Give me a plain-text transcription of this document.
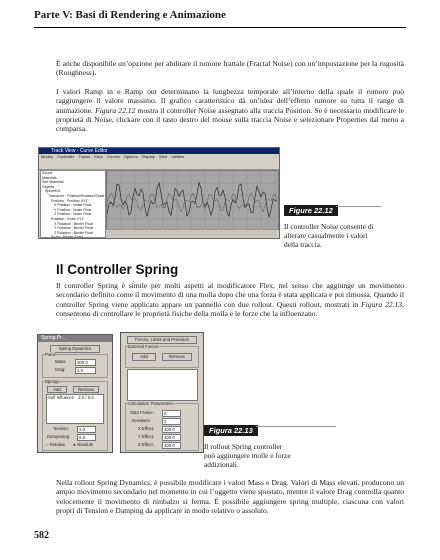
Parte V: Basi di Rendering e Animazione
È anche disponibile un’opzione per abilitare il rumore frattale (Fractal Noise) con un’impostazione per la rugosità (Roughness).
I valori Ramp in e Ramp out determinano la lunghezza temporale all’interno della quale il rumore può raggiungere il valore massimo. Il grafico caratteristico dà un’idea dell’effetto rumore su tutta il range di animazione. Figura 22.12 mostra il controller Noise assegnato alla traccia Position. Se è necessario modificare le proprietà di Noise, clickare con il tasto destro del mouse sulla traccia Noise e selezionare Properties dal menu a comparsa.
Track View - Curve Editor
Modes Controller Tracks Keys Curves Options Display View Utilities
Sound
Materials
Self Materials
Objects
Sphere01
Transform : Position/Rotation/Scale
Position : Position XYZ
X Position : Noise Float
Y Position : Noise Float
Z Position : Noise Float
Rotation : Euler XYZ
X Rotation : Bezier Float
Y Rotation : Bezier Float
Z Rotation : Bezier Float
Scale : Bezier Scale
Figure 22.12
Il controller Noise consente di alterare casualmente i valori della traccia.
Il Controller Spring
Il controller Spring è simile per molti aspetti al modificatore Flex, nel senso che aggiunge un movimento secondario definito come il movimento di una molla dopo che una forza è stata applicata e poi rimossa. Quando il controller Spring viene applicato appare un pannello con due rollout. Questi rollout, mostrati in Figura 22.13, consentono di controllare le proprietà fisiche della molla e le forze che la influenzano.
Spring Pr...
Spring Dynamics
Point
Mass:	300.0
Drag:	1.0
Springs
Add	Remove
Self Influence 2.0 / 0.5
Tension:	2.0
Dampening:	0.5
○ Relative ● Absolute
Forces, Limits and Precision
External Forces
Add	Remove
Calculation Parameters
Start Frame:	0
Iterations:	2
X Effect:	100.0
Y Effect:	100.0
Z Effect:	100.0
Figura 22.13
Il rollout Spring controller può aggiungere molle e forze addizionali.
Nella rollout Spring Dynamics, è possibile modificare i valori Mass e Drag. Valori di Mass elevati, producono un ampio movimento secondario nel momento in cui l’oggetto viene spostato, mentre il valore Drag controlla quanto velocemente il movimento di rimbalzo si ferma. È possibile aggiungere spring multiple, ciascuna con valori propri di Tension e Damping da applicare in modo relativo o assoluto.
582
